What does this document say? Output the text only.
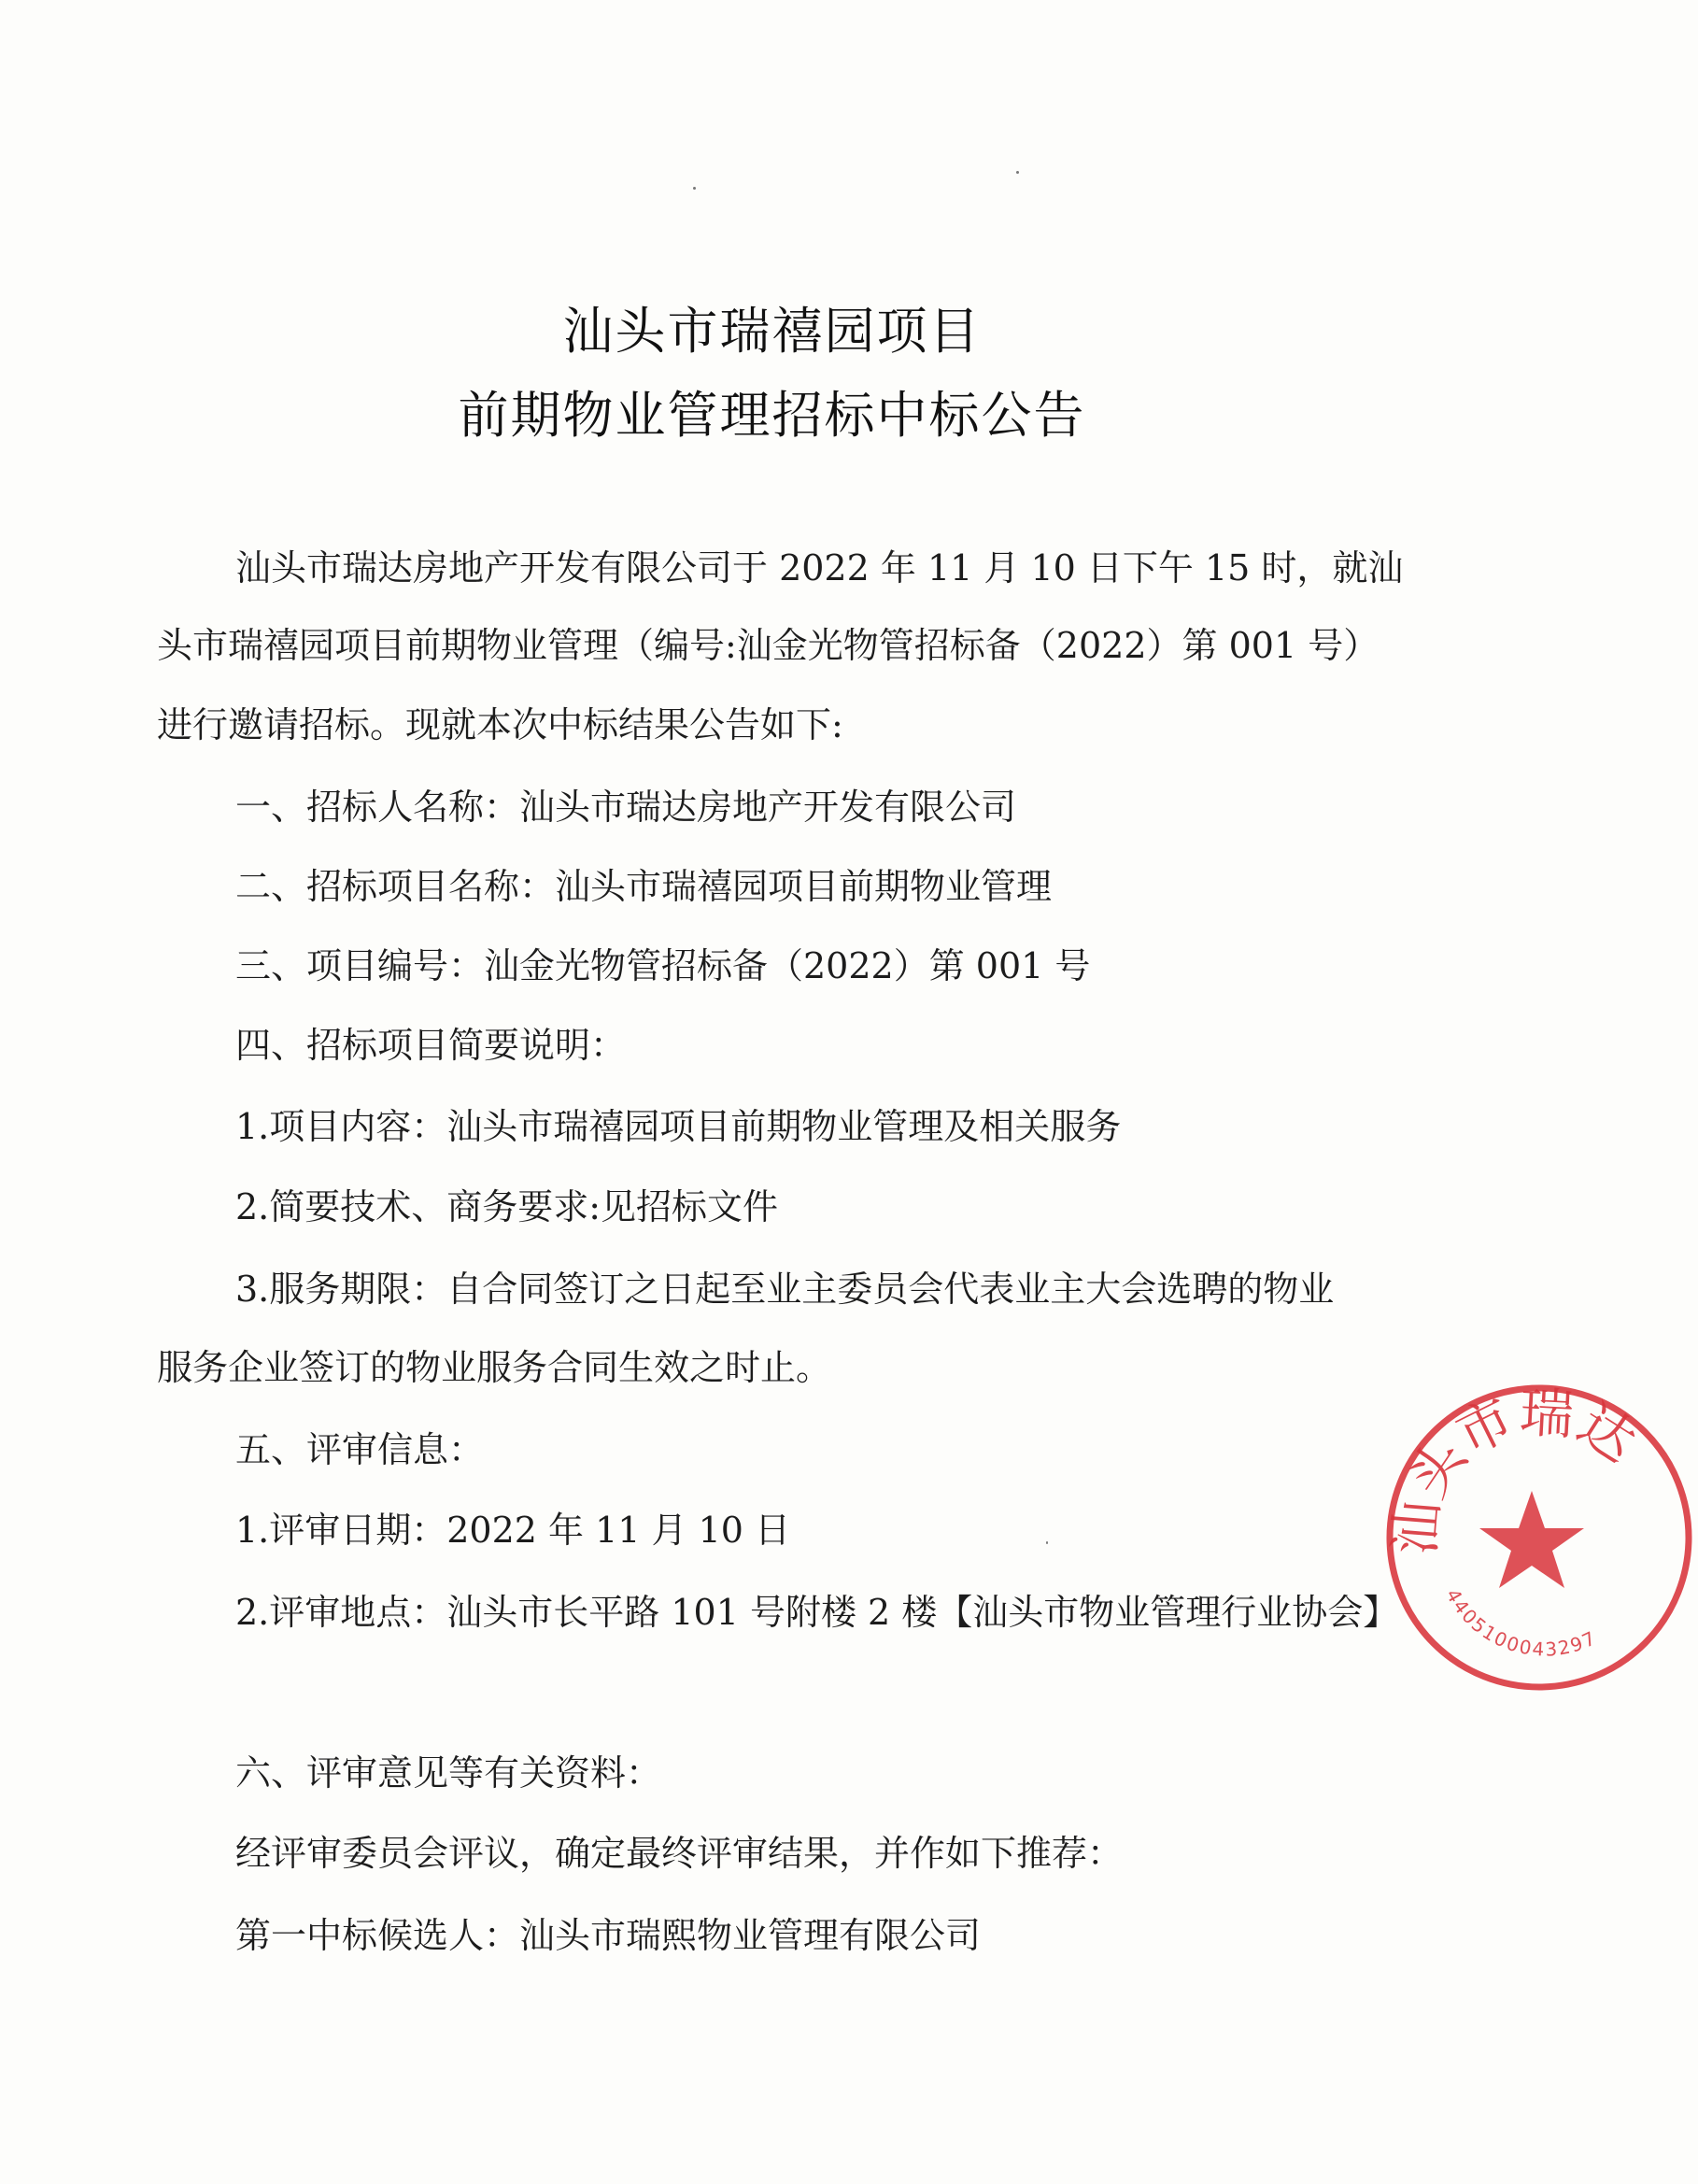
汕头市瑞禧园项目
前期物业管理招标中标公告
汕头市瑞达房地产开发有限公司于 2022 年 11 月 10 日下午 15 时，就汕
头市瑞禧园项目前期物业管理（编号:汕金光物管招标备（2022）第 001 号）
进行邀请招标。现就本次中标结果公告如下:
一、招标人名称：汕头市瑞达房地产开发有限公司
二、招标项目名称：汕头市瑞禧园项目前期物业管理
三、项目编号：汕金光物管招标备（2022）第 001 号
四、招标项目简要说明：
1.项目内容：汕头市瑞禧园项目前期物业管理及相关服务
2.简要技术、商务要求:见招标文件
3.服务期限：自合同签订之日起至业主委员会代表业主大会选聘的物业
服务企业签订的物业服务合同生效之时止。
五、评审信息：
1.评审日期：2022 年 11 月 10 日
2.评审地点：汕头市长平路 101 号附楼 2 楼【汕头市物业管理行业协会】
六、评审意见等有关资料：
经评审委员会评议，确定最终评审结果，并作如下推荐：
第一中标候选人：汕头市瑞熙物业管理有限公司
汕头市瑞达
4405100043297
